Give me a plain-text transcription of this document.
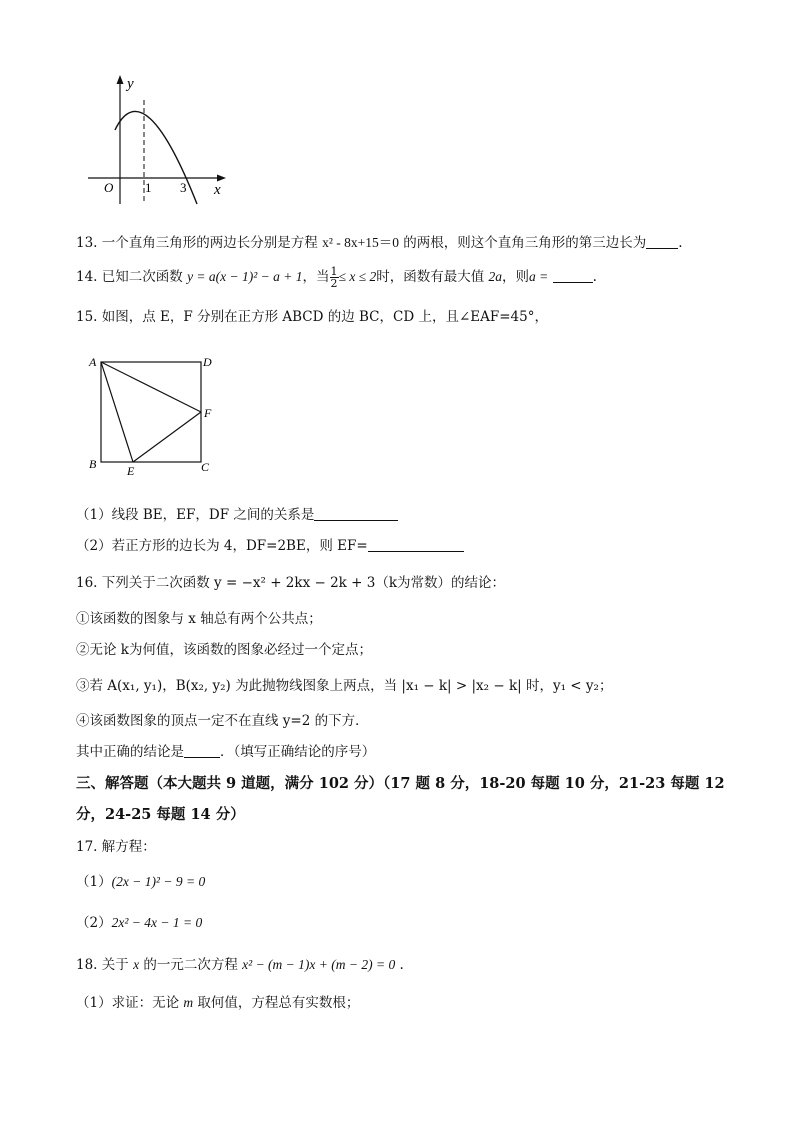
y
x
O 1 3
13. 一个直角三角形的两边长分别是方程 x² - 8x+15＝0 的两根，则这个直角三角形的第三边长为 .
14. 已知二次函数 y = a(x − 1)² − a + 1，当 $\frac{1}{2} \le x \le 2$时，函数有最大值 2a，则a =	.
15. 如图，点 E，F 分别在正方形 ABCD 的边 BC，CD 上，且∠EAF=45°，
A	D
F
B	E	C
（1）线段 BE，EF，DF 之间的关系是
（2）若正方形的边长为 4，DF=2BE，则 EF=
16. 下列关于二次函数 y = −x² + 2kx − 2k + 3（k为常数）的结论：
①该函数的图象与 x 轴总有两个公共点；
②无论 k为何值，该函数的图象必经过一个定点；
③若 A(x₁, y₁)，B(x₂, y₂) 为此抛物线图象上两点，当 |x₁ − k| > |x₂ − k| 时，y₁ < y₂；
④该函数图象的顶点一定不在直线 y=2 的下方．
其中正确的结论是	．（填写正确结论的序号）
三、解答题（本大题共 9 道题，满分 102 分）（17 题 8 分，18-20 每题 10 分，21-23 每题 12
分，24-25 每题 14 分）
17. 解方程：
（1）(2x − 1)² − 9 = 0
（2）2x² − 4x − 1 = 0
18. 关于 x 的一元二次方程 x² − (m − 1)x + (m − 2) = 0 .
（1）求证：无论 m 取何值，方程总有实数根；
